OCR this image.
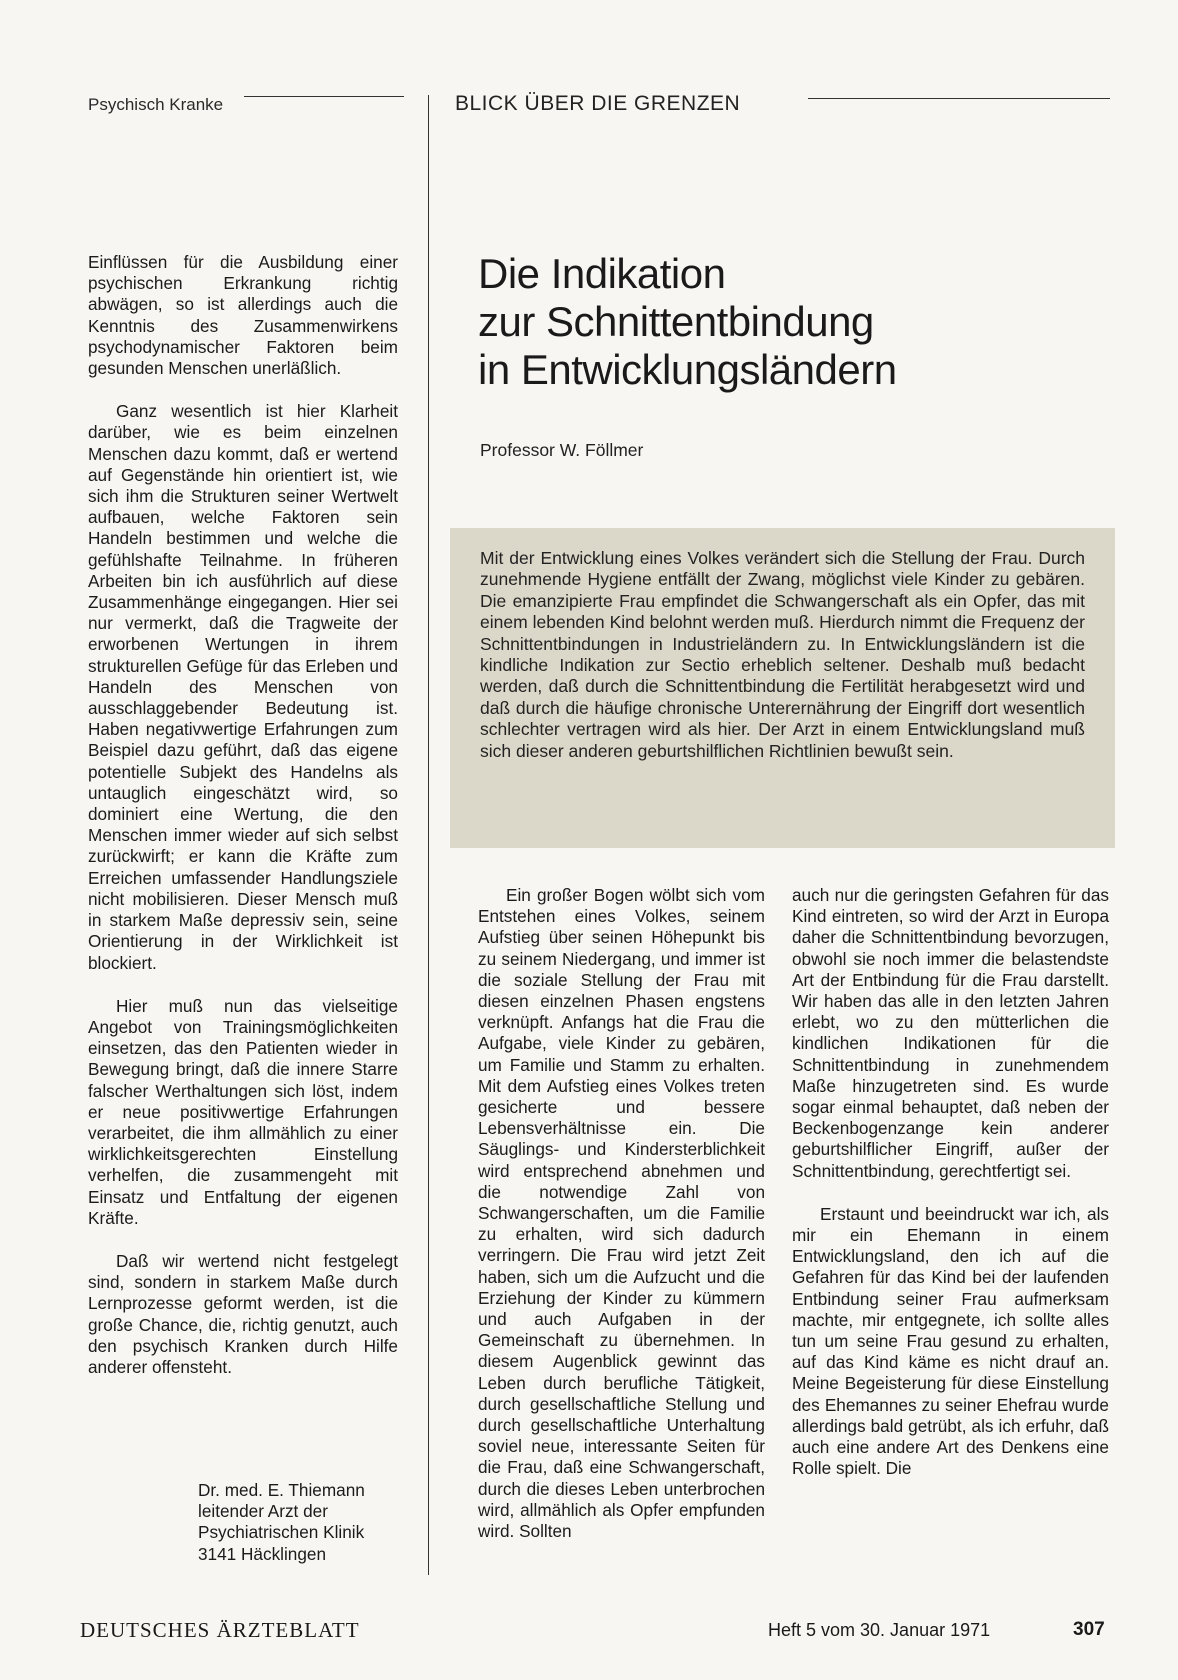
Psychisch Kranke	BLICK ÜBER DIE GRENZEN

Einflüssen für die Ausbildung einer psychischen Erkrankung richtig abwägen, so ist allerdings auch die Kenntnis des Zusammenwirkens psychodynamischer Faktoren beim gesunden Menschen unerläßlich.

Ganz wesentlich ist hier Klarheit darüber, wie es beim einzelnen Menschen dazu kommt, daß er wertend auf Gegenstände hin orientiert ist, wie sich ihm die Strukturen seiner Wertwelt aufbauen, welche Faktoren sein Handeln bestimmen und welche die gefühlshafte Teilnahme. In früheren Arbeiten bin ich ausführlich auf diese Zusammenhänge eingegangen. Hier sei nur vermerkt, daß die Tragweite der erworbenen Wertungen in ihrem strukturellen Gefüge für das Erleben und Handeln des Menschen von ausschlaggebender Bedeutung ist. Haben negativwertige Erfahrungen zum Beispiel dazu geführt, daß das eigene potentielle Subjekt des Handelns als untauglich eingeschätzt wird, so dominiert eine Wertung, die den Menschen immer wieder auf sich selbst zurückwirft; er kann die Kräfte zum Erreichen umfassender Handlungsziele nicht mobilisieren. Dieser Mensch muß in starkem Maße depressiv sein, seine Orientierung in der Wirklichkeit ist blockiert.

Hier muß nun das vielseitige Angebot von Trainingsmöglichkeiten einsetzen, das den Patienten wieder in Bewegung bringt, daß die innere Starre falscher Werthaltungen sich löst, indem er neue positivwertige Erfahrungen verarbeitet, die ihm allmählich zu einer wirklichkeitsgerechten Einstellung verhelfen, die zusammengeht mit Einsatz und Entfaltung der eigenen Kräfte.

Daß wir wertend nicht festgelegt sind, sondern in starkem Maße durch Lernprozesse geformt werden, ist die große Chance, die, richtig genutzt, auch den psychisch Kranken durch Hilfe anderer offensteht.

Dr. med. E. Thiemann
leitender Arzt der
Psychiatrischen Klinik
3141 Häcklingen
Die Indikation
zur Schnittentbindung
in Entwicklungsländern
Professor W. Föllmer

Mit der Entwicklung eines Volkes verändert sich die Stellung der Frau. Durch zunehmende Hygiene entfällt der Zwang, möglichst viele Kinder zu gebären. Die emanzipierte Frau empfindet die Schwangerschaft als ein Opfer, das mit einem lebenden Kind belohnt werden muß. Hierdurch nimmt die Frequenz der Schnittentbindungen in Industrieländern zu. In Entwicklungsländern ist die kindliche Indikation zur Sectio erheblich seltener. Deshalb muß bedacht werden, daß durch die Schnittentbindung die Fertilität herabgesetzt wird und daß durch die häufige chronische Unterernährung der Eingriff dort wesentlich schlechter vertragen wird als hier. Der Arzt in einem Entwicklungsland muß sich dieser anderen geburtshilflichen Richtlinien bewußt sein.

Ein großer Bogen wölbt sich vom Entstehen eines Volkes, seinem Aufstieg über seinen Höhepunkt bis zu seinem Niedergang, und immer ist die soziale Stellung der Frau mit diesen einzelnen Phasen engstens verknüpft. Anfangs hat die Frau die Aufgabe, viele Kinder zu gebären, um Familie und Stamm zu erhalten. Mit dem Aufstieg eines Volkes treten gesicherte und bessere Lebensverhältnisse ein. Die Säuglings- und Kindersterblichkeit wird entsprechend abnehmen und die notwendige Zahl von Schwangerschaften, um die Familie zu erhalten, wird sich dadurch verringern. Die Frau wird jetzt Zeit haben, sich um die Aufzucht und die Erziehung der Kinder zu kümmern und auch Aufgaben in der Gemeinschaft zu übernehmen. In diesem Augenblick gewinnt das Leben durch berufliche Tätigkeit, durch gesellschaftliche Stellung und durch gesellschaftliche Unterhaltung soviel neue, interessante Seiten für die Frau, daß eine Schwangerschaft, durch die dieses Leben unterbrochen wird, allmählich als Opfer empfunden wird. Sollten

auch nur die geringsten Gefahren für das Kind eintreten, so wird der Arzt in Europa daher die Schnittentbindung bevorzugen, obwohl sie noch immer die belastendste Art der Entbindung für die Frau darstellt. Wir haben das alle in den letzten Jahren erlebt, wo zu den mütterlichen die kindlichen Indikationen für die Schnittentbindung in zunehmendem Maße hinzugetreten sind. Es wurde sogar einmal behauptet, daß neben der Beckenbogenzange kein anderer geburtshilflicher Eingriff, außer der Schnittentbindung, gerechtfertigt sei.

Erstaunt und beeindruckt war ich, als mir ein Ehemann in einem Entwicklungsland, den ich auf die Gefahren für das Kind bei der laufenden Entbindung seiner Frau aufmerksam machte, mir entgegnete, ich sollte alles tun um seine Frau gesund zu erhalten, auf das Kind käme es nicht drauf an. Meine Begeisterung für diese Einstellung des Ehemannes zu seiner Ehefrau wurde allerdings bald getrübt, als ich erfuhr, daß auch eine andere Art des Denkens eine Rolle spielt. Die

DEUTSCHES ÄRZTEBLATT	Heft 5 vom 30. Januar 1971	307
